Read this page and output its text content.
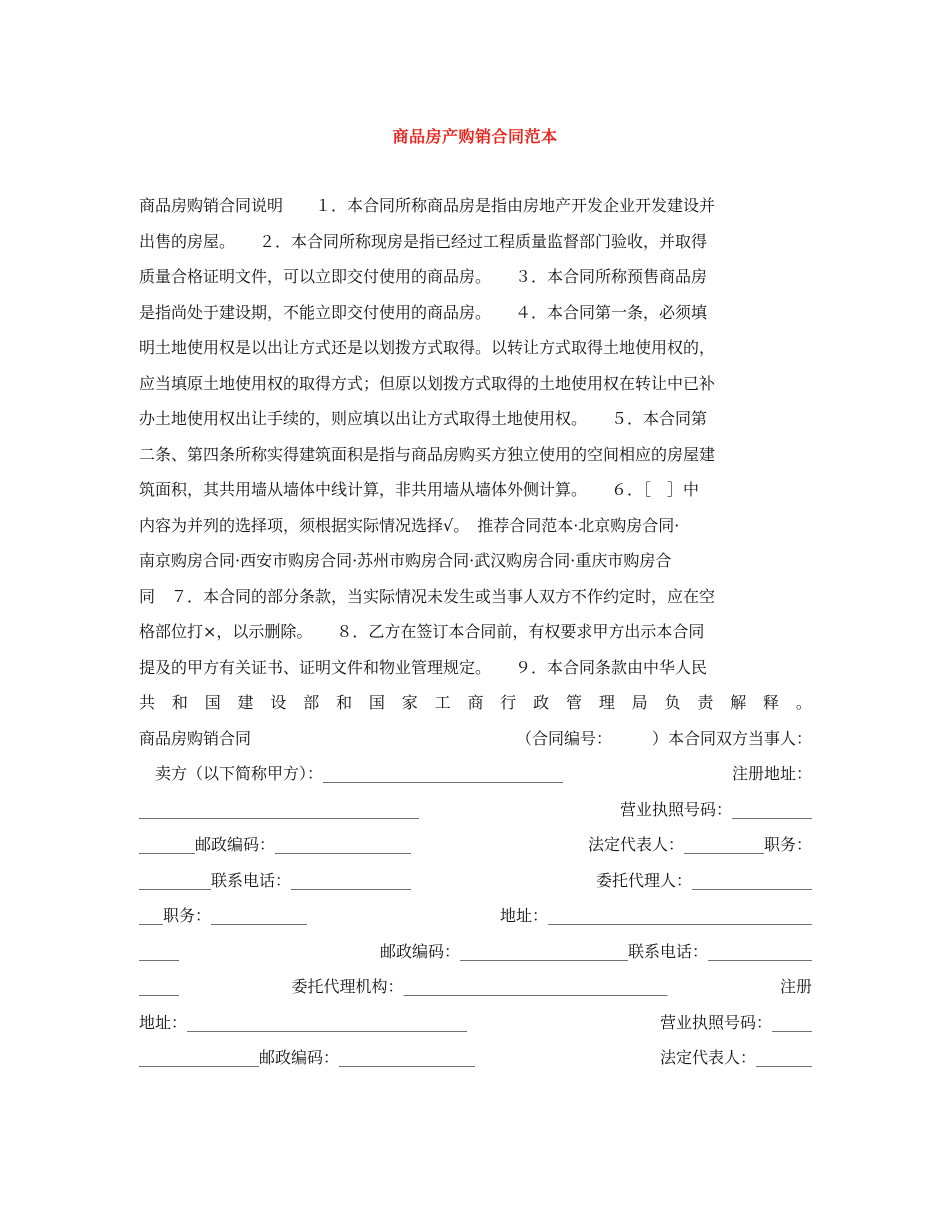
商品房产购销合同范本
商品房购销合同说明　　１．本合同所称商品房是指由房地产开发企业开发建设并
出售的房屋。　　２．本合同所称现房是指已经过工程质量监督部门验收，并取得
质量合格证明文件，可以立即交付使用的商品房。　　３．本合同所称预售商品房
是指尚处于建设期，不能立即交付使用的商品房。　　４．本合同第一条，必须填
明土地使用权是以出让方式还是以划拨方式取得。以转让方式取得土地使用权的，
应当填原土地使用权的取得方式；但原以划拨方式取得的土地使用权在转让中已补
办土地使用权出让手续的，则应填以出让方式取得土地使用权。　　５．本合同第
二条、第四条所称实得建筑面积是指与商品房购买方独立使用的空间相应的房屋建
筑面积，其共用墙从墙体中线计算，非共用墙从墙体外侧计算。　　６．［　］中
内容为并列的选择项，须根据实际情况选择√。　推荐合同范本·北京购房合同·
南京购房合同·西安市购房合同·苏州市购房合同·武汉购房合同·重庆市购房合
同　７．本合同的部分条款，当实际情况未发生或当事人双方不作约定时，应在空
格部位打×，以示删除。　　８．乙方在签订本合同前，有权要求甲方出示本合同
提及的甲方有关证书、证明文件和物业管理规定。　　９．本合同条款由中华人民
共 和 国 建 设 部 和 国 家 工 商 行 政 管 理 局 负 责 解 释 。
商品房购销合同	（合同编号：　　　）本合同双方当事人：
　卖方（以下简称甲方）：______________________________	注册地址：
___________________________________	营业执照号码：__________
_______邮政编码：_________________	法定代表人：__________职务：
_________联系电话：_______________	委托代理人：_______________
___职务：____________	地址：_________________________________
_____	邮政编码：_____________________联系电话：_____________
_____	委托代理机构：_________________________________	注册
地址：___________________________________	营业执照号码：_____
_______________邮政编码：_________________	法定代表人：_______
